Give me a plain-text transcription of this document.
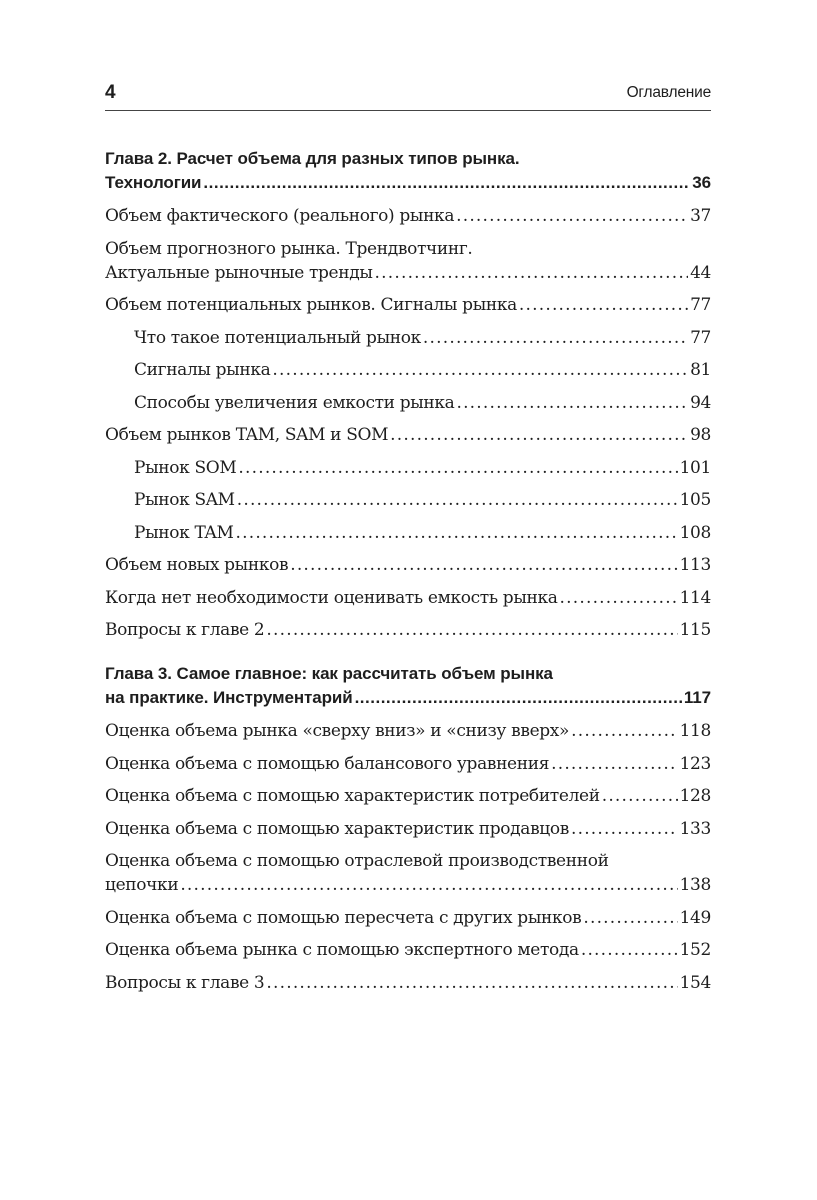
4	Оглавление
Глава 2. Расчет объема для разных типов рынка.
Технологии .....	36
Объем фактического (реального) рынка .....	37
Объем прогнозного рынка. Трендвотчинг.
Актуальные рыночные тренды .....	44
Объем потенциальных рынков. Сигналы рынка .....	77
Что такое потенциальный рынок .....	77
Сигналы рынка .....	81
Способы увеличения емкости рынка .....	94
Объем рынков TAM, SAM и SOM .....	98
Рынок SOM .....	101
Рынок SAM .....	105
Рынок TAM .....	108
Объем новых рынков .....	113
Когда нет необходимости оценивать емкость рынка .....	114
Вопросы к главе 2 .....	115
Глава 3. Самое главное: как рассчитать объем рынка
на практике. Инструментарий .....	117
Оценка объема рынка «сверху вниз» и «снизу вверх» .....	118
Оценка объема с помощью балансового уравнения .....	123
Оценка объема с помощью характеристик потребителей .....	128
Оценка объема с помощью характеристик продавцов .....	133
Оценка объема с помощью отраслевой производственной
цепочки .....	138
Оценка объема с помощью пересчета с других рынков .....	149
Оценка объема рынка с помощью экспертного метода .....	152
Вопросы к главе 3 .....	154
